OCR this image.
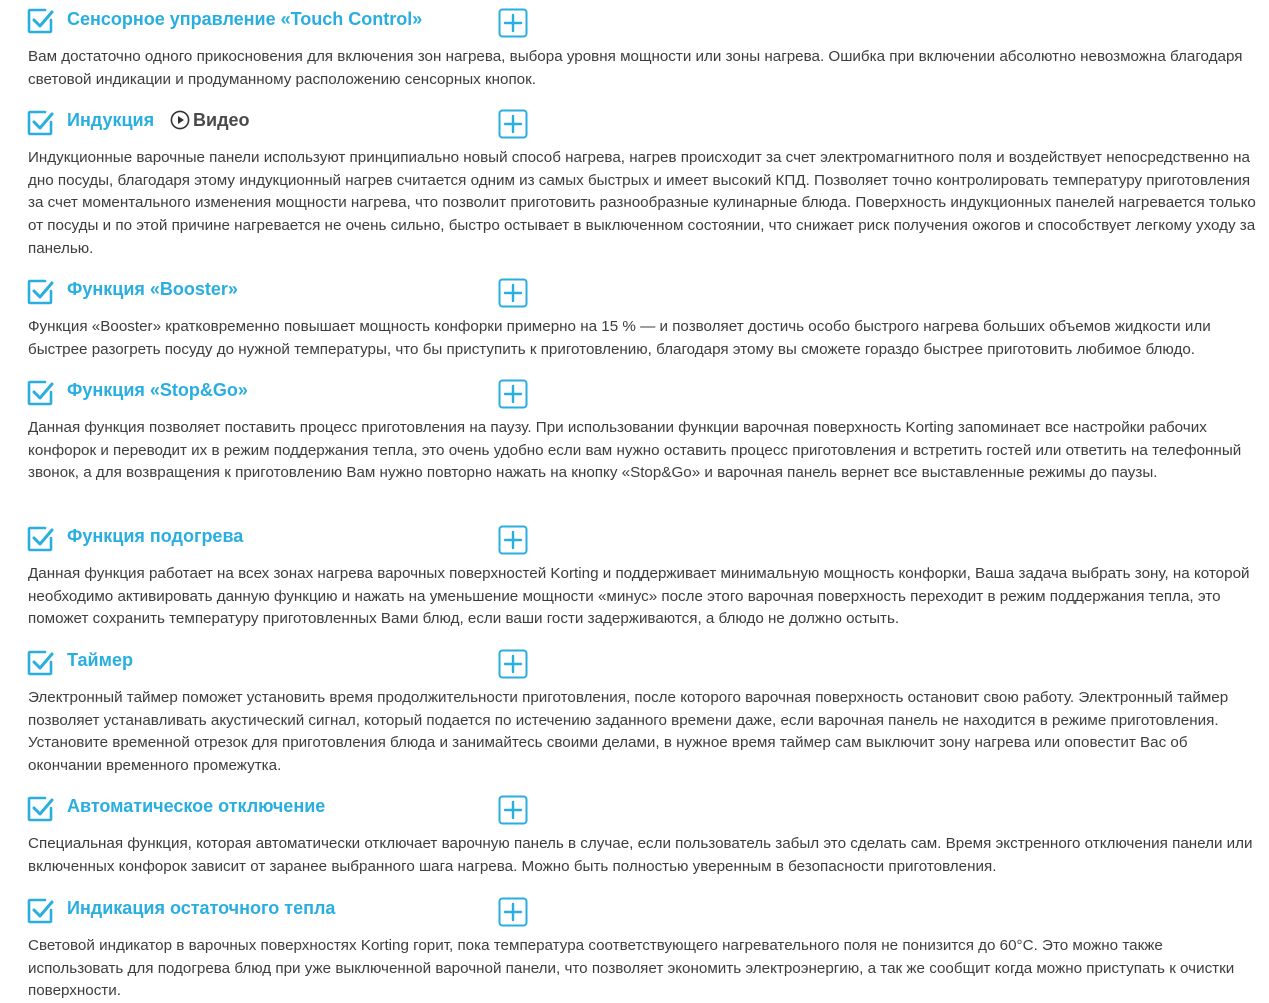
Сенсорное управление «Touch Control»

Вам достаточно одного прикосновения для включения зон нагрева, выбора уровня мощности или зоны нагрева. Ошибка при включении абсолютно невозможна благодаря световой индикации и продуманному расположению сенсорных кнопок.

Индукция Видео

Индукционные варочные панели используют принципиально новый способ нагрева, нагрев происходит за счет электромагнитного поля и воздействует непосредственно на дно посуды, благодаря этому индукционный нагрев считается одним из самых быстрых и имеет высокий КПД. Позволяет точно контролировать температуру приготовления за счет моментального изменения мощности нагрева, что позволит приготовить разнообразные кулинарные блюда. Поверхность индукционных панелей нагревается только от посуды и по этой причине нагревается не очень сильно, быстро остывает в выключенном состоянии, что снижает риск получения ожогов и способствует легкому уходу за панелью.

Функция «Booster»

Функция «Booster» кратковременно повышает мощность конфорки примерно на 15 % — и позволяет достичь особо быстрого нагрева больших объемов жидкости или быстрее разогреть посуду до нужной температуры, что бы приступить к приготовлению, благодаря этому вы сможете гораздо быстрее приготовить любимое блюдо.

Функция «Stop&Go»

Данная функция позволяет поставить процесс приготовления на паузу. При использовании функции варочная поверхность Korting запоминает все настройки рабочих конфорок и переводит их в режим поддержания тепла, это очень удобно если вам нужно оставить процесс приготовления и встретить гостей или ответить на телефонный звонок, а для возвращения к приготовлению Вам нужно повторно нажать на кнопку «Stop&Go» и варочная панель вернет все выставленные режимы до паузы.

Функция подогрева

Данная функция работает на всех зонах нагрева варочных поверхностей Korting и поддерживает минимальную мощность конфорки, Ваша задача выбрать зону, на которой необходимо активировать данную функцию и нажать на уменьшение мощности «минус» после этого варочная поверхность переходит в режим поддержания тепла, это поможет сохранить температуру приготовленных Вами блюд, если ваши гости задерживаются, а блюдо не должно остыть.

Таймер

Электронный таймер поможет установить время продолжительности приготовления, после которого варочная поверхность остановит свою работу. Электронный таймер позволяет устанавливать акустический сигнал, который подается по истечению заданного времени даже, если варочная панель не находится в режиме приготовления. Установите временной отрезок для приготовления блюда и занимайтесь своими делами, в нужное время таймер сам выключит зону нагрева или оповестит Вас об окончании временного промежутка.

Автоматическое отключение

Специальная функция, которая автоматически отключает варочную панель в случае, если пользователь забыл это сделать сам. Время экстренного отключения панели или включенных конфорок зависит от заранее выбранного шага нагрева. Можно быть полностью уверенным в безопасности приготовления.

Индикация остаточного тепла

Световой индикатор в варочных поверхностях Korting горит, пока температура соответствующего нагревательного поля не понизится до 60°C. Это можно также использовать для подогрева блюд при уже выключенной варочной панели, что позволяет экономить электроэнергию, а так же сообщит когда можно приступать к очистки поверхности.
